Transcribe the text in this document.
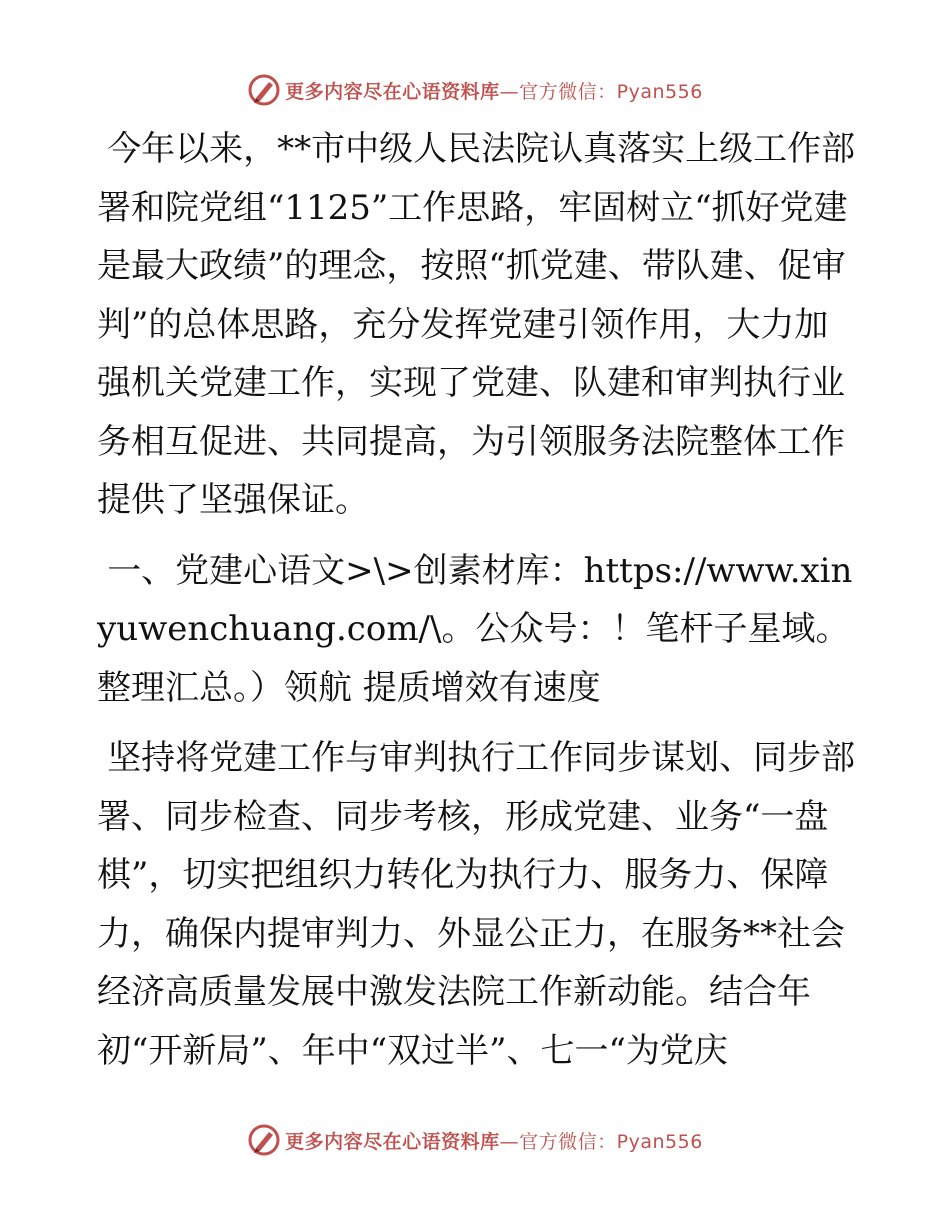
更多内容尽在心语资料库—官方微信：Pyan556

今年以来，**市中级人民法院认真落实上级工作部署和院党组“1125”工作思路，牢固树立“抓好党建是最大政绩”的理念，按照“抓党建、带队建、促审判”的总体思路，充分发挥党建引领作用，大力加强机关党建工作，实现了党建、队建和审判执行业务相互促进、共同提高，为引领服务法院整体工作提供了坚强保证。

一、党建心语文>\>创素材库：https://www.xinyuwenchuang.com/\。公众号：！笔杆子星域。整理汇总。）领航 提质增效有速度

坚持将党建工作与审判执行工作同步谋划、同步部署、同步检查、同步考核，形成党建、业务“一盘棋”，切实把组织力转化为执行力、服务力、保障力，确保内提审判力、外显公正力，在服务**社会经济高质量发展中激发法院工作新动能。结合年初“开新局”、年中“双过半”、七一“为党庆

更多内容尽在心语资料库—官方微信：Pyan556
